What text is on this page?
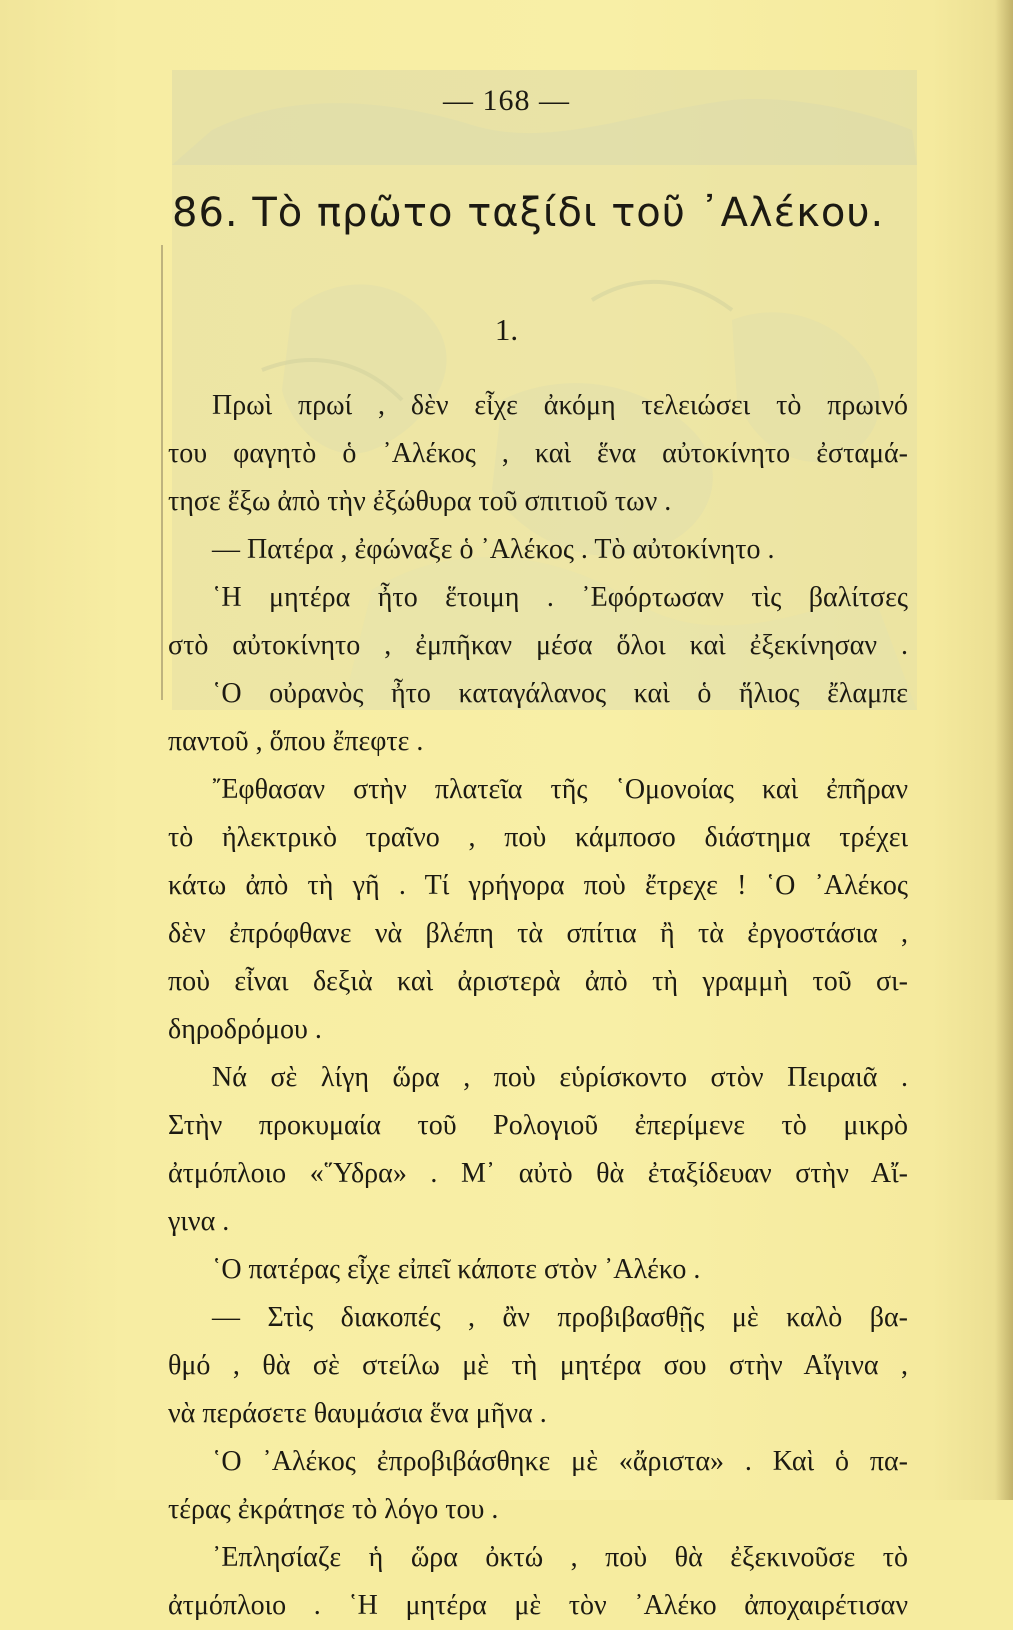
— 168 —
86. Τὸ πρῶτο ταξίδι τοῦ ᾿Αλέκου.
1.
Πρωὶ πρωί , δὲν εἶχε ἀκόμη τελειώσει τὸ πρωινό
του φαγητὸ ὁ ᾿Αλέκος , καὶ ἕνα αὐτοκίνητο ἐσταμά-
τησε ἔξω ἀπὸ τὴν ἐξώθυρα τοῦ σπιτιοῦ των .
— Πατέρα , ἐφώναξε ὁ ᾿Αλέκος . Τὸ αὐτοκίνητο .
῾Η μητέρα ἦτο ἕτοιμη . ᾿Εφόρτωσαν τὶς βαλίτσες
στὸ αὐτοκίνητο , ἐμπῆκαν μέσα ὅλοι καὶ ἐξεκίνησαν .
῾Ο οὐρανὸς ἦτο καταγάλανος καὶ ὁ ἥλιος ἔλαμπε
παντοῦ , ὅπου ἔπεφτε .
῎Εφθασαν στὴν πλατεῖα τῆς ῾Ομονοίας καὶ ἐπῆραν
τὸ ἠλεκτρικὸ τραῖνο , ποὺ κάμποσο διάστημα τρέχει
κάτω ἀπὸ τὴ γῆ . Τί γρήγορα ποὺ ἔτρεχε ! ῾Ο ᾿Αλέκος
δὲν ἐπρόφθανε νὰ βλέπη τὰ σπίτια ἢ τὰ ἐργοστάσια ,
ποὺ εἶναι δεξιὰ καὶ ἀριστερὰ ἀπὸ τὴ γραμμὴ τοῦ σι-
δηροδρόμου .
Νά σὲ λίγη ὥρα , ποὺ εὑρίσκοντο στὸν Πειραιᾶ .
Στὴν προκυμαία τοῦ Ρολογιοῦ ἐπερίμενε τὸ μικρὸ
ἀτμόπλοιο «῞Υδρα» . Μ᾿ αὐτὸ θὰ ἐταξίδευαν στὴν Αἴ-
γινα .
῾Ο πατέρας εἶχε εἰπεῖ κάποτε στὸν ᾿Αλέκο .
— Στὶς διακοπές , ἂν προβιβασθῇς μὲ καλὸ βα-
θμό , θὰ σὲ στείλω μὲ τὴ μητέρα σου στὴν Αἴγινα ,
νὰ περάσετε θαυμάσια ἕνα μῆνα .
῾Ο ᾿Αλέκος ἐπροβιβάσθηκε μὲ «ἄριστα» . Καὶ ὁ πα-
τέρας ἐκράτησε τὸ λόγο του .
᾿Επλησίαζε ἡ ὥρα ὀκτώ , ποὺ θὰ ἐξεκινοῦσε τὸ
ἀτμόπλοιο . ῾Η μητέρα μὲ τὸν ᾿Αλέκο ἀποχαιρέτισαν
